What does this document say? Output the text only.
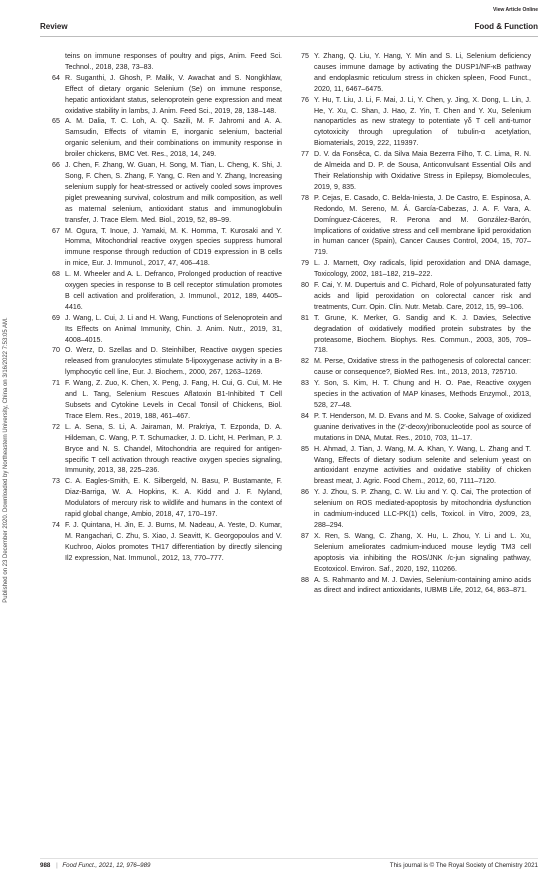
View Article Online
Review	Food & Function
Published on 23 December 2020. Downloaded by Northeastern University, China on 3/16/2022 7:53:05 AM.
teins on immune responses of poultry and pigs, Anim. Feed Sci. Technol., 2018, 238, 73–83.
64 R. Suganthi, J. Ghosh, P. Malik, V. Awachat and S. Nongkhlaw, Effect of dietary organic Selenium (Se) on immune response, hepatic antioxidant status, selenoprotein gene expression and meat oxidative stability in lambs, J. Anim. Feed Sci., 2019, 28, 138–148.
65 A. M. Dalia, T. C. Loh, A. Q. Sazili, M. F. Jahromi and A. A. Samsudin, Effects of vitamin E, inorganic selenium, bacterial organic selenium, and their combinations on immunity response in broiler chickens, BMC Vet. Res., 2018, 14, 249.
66 J. Chen, F. Zhang, W. Guan, H. Song, M. Tian, L. Cheng, K. Shi, J. Song, F. Chen, S. Zhang, F. Yang, C. Ren and Y. Zhang, Increasing selenium supply for heat-stressed or actively cooled sows improves piglet preweaning survival, colostrum and milk composition, as well as maternal selenium, antioxidant status and immunoglobulin transfer, J. Trace Elem. Med. Biol., 2019, 52, 89–99.
67 M. Ogura, T. Inoue, J. Yamaki, M. K. Homma, T. Kurosaki and Y. Homma, Mitochondrial reactive oxygen species suppress humoral immune response through reduction of CD19 expression in B cells in mice, Eur. J. Immunol., 2017, 47, 406–418.
68 L. M. Wheeler and A. L. Defranco, Prolonged production of reactive oxygen species in response to B cell receptor stimulation promotes B cell activation and proliferation, J. Immunol., 2012, 189, 4405–4416.
69 J. Wang, L. Cui, J. Li and H. Wang, Functions of Selenoprotein and Its Effects on Animal Immunity, Chin. J. Anim. Nutr., 2019, 31, 4008–4015.
70 O. Werz, D. Szellas and D. Steinhilber, Reactive oxygen species released from granulocytes stimulate 5-lipoxygenase activity in a B-lymphocytic cell line, Eur. J. Biochem., 2000, 267, 1263–1269.
71 F. Wang, Z. Zuo, K. Chen, X. Peng, J. Fang, H. Cui, G. Cui, M. He and L. Tang, Selenium Rescues Aflatoxin B1-Inhibited T Cell Subsets and Cytokine Levels in Cecal Tonsil of Chickens, Biol. Trace Elem. Res., 2019, 188, 461–467.
72 L. A. Sena, S. Li, A. Jairaman, M. Prakriya, T. Ezponda, D. A. Hildeman, C. Wang, P. T. Schumacker, J. D. Licht, H. Perlman, P. J. Bryce and N. S. Chandel, Mitochondria are required for antigen-specific T cell activation through reactive oxygen species signaling, Immunity, 2013, 38, 225–236.
73 C. A. Eagles-Smith, E. K. Silbergeld, N. Basu, P. Bustamante, F. Diaz-Barriga, W. A. Hopkins, K. A. Kidd and J. F. Nyland, Modulators of mercury risk to wildlife and humans in the context of rapid global change, Ambio, 2018, 47, 170–197.
74 F. J. Quintana, H. Jin, E. J. Burns, M. Nadeau, A. Yeste, D. Kumar, M. Rangachari, C. Zhu, S. Xiao, J. Seavitt, K. Georgopoulos and V. Kuchroo, Aiolos promotes TH17 differentiation by directly silencing Il2 expression, Nat. Immunol., 2012, 13, 770–777.
75 Y. Zhang, Q. Liu, Y. Hang, Y. Min and S. Li, Selenium deficiency causes immune damage by activating the DUSP1/NF-κB pathway and endoplasmic reticulum stress in chicken spleen, Food Funct., 2020, 11, 6467–6475.
76 Y. Hu, T. Liu, J. Li, F. Mai, J. Li, Y. Chen, y. Jing, X. Dong, L. Lin, J. He, Y. Xu, C. Shan, J. Hao, Z. Yin, T. Chen and Y. Xu, Selenium nanoparticles as new strategy to potentiate γδ T cell anti-tumor cytotoxicity through upregulation of tubulin-α acetylation, Biomaterials, 2019, 222, 119397.
77 D. V. da Fonsêca, C. da Silva Maia Bezerra Filho, T. C. Lima, R. N. de Almeida and D. P. de Sousa, Anticonvulsant Essential Oils and Their Relationship with Oxidative Stress in Epilepsy, Biomolecules, 2019, 9, 835.
78 P. Cejas, E. Casado, C. Belda-Iniesta, J. De Castro, E. Espinosa, A. Redondo, M. Sereno, M. Á. García-Cabezas, J. A. F. Vara, A. Domínguez-Cáceres, R. Perona and M. González-Barón, Implications of oxidative stress and cell membrane lipid peroxidation in human cancer (Spain), Cancer Causes Control, 2004, 15, 707–719.
79 L. J. Marnett, Oxy radicals, lipid peroxidation and DNA damage, Toxicology, 2002, 181–182, 219–222.
80 F. Cai, Y. M. Dupertuis and C. Pichard, Role of polyunsaturated fatty acids and lipid peroxidation on colorectal cancer risk and treatments, Curr. Opin. Clin. Nutr. Metab. Care, 2012, 15, 99–106.
81 T. Grune, K. Merker, G. Sandig and K. J. Davies, Selective degradation of oxidatively modified protein substrates by the proteasome, Biochem. Biophys. Res. Commun., 2003, 305, 709–718.
82 M. Perse, Oxidative stress in the pathogenesis of colorectal cancer: cause or consequence?, BioMed Res. Int., 2013, 2013, 725710.
83 Y. Son, S. Kim, H. T. Chung and H. O. Pae, Reactive oxygen species in the activation of MAP kinases, Methods Enzymol., 2013, 528, 27–48.
84 P. T. Henderson, M. D. Evans and M. S. Cooke, Salvage of oxidized guanine derivatives in the (2′-deoxy)ribonucleotide pool as source of mutations in DNA, Mutat. Res., 2010, 703, 11–17.
85 H. Ahmad, J. Tian, J. Wang, M. A. Khan, Y. Wang, L. Zhang and T. Wang, Effects of dietary sodium selenite and selenium yeast on antioxidant enzyme activities and oxidative stability of chicken breast meat, J. Agric. Food Chem., 2012, 60, 7111–7120.
86 Y. J. Zhou, S. P. Zhang, C. W. Liu and Y. Q. Cai, The protection of selenium on ROS mediated-apoptosis by mitochondria dysfunction in cadmium-induced LLC-PK(1) cells, Toxicol. in Vitro, 2009, 23, 288–294.
87 X. Ren, S. Wang, C. Zhang, X. Hu, L. Zhou, Y. Li and L. Xu, Selenium ameliorates cadmium-induced mouse leydig TM3 cell apoptosis via inhibiting the ROS/JNK /c-jun signaling pathway, Ecotoxicol. Environ. Saf., 2020, 192, 110266.
88 A. S. Rahmanto and M. J. Davies, Selenium-containing amino acids as direct and indirect antioxidants, IUBMB Life, 2012, 64, 863–871.
988 | Food Funct., 2021, 12, 976–989	This journal is © The Royal Society of Chemistry 2021
